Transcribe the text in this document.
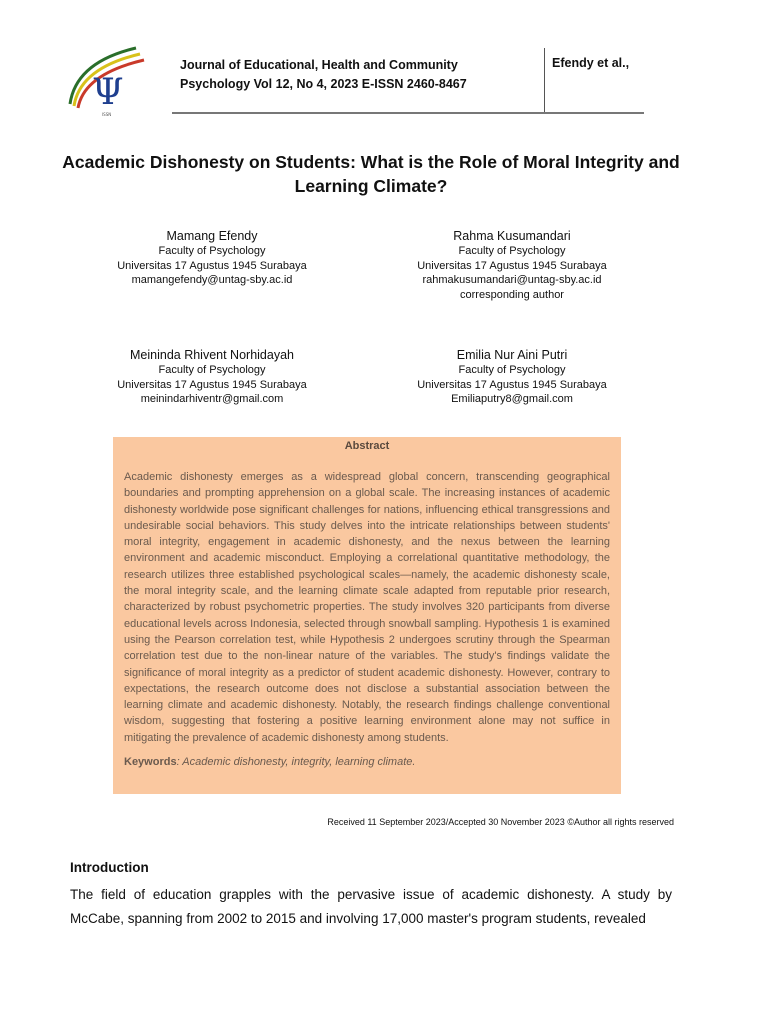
Ψ
ISSN
Journal of Educational, Health and Community
Psychology Vol 12, No 4, 2023 E-ISSN 2460-8467
Efendy et al.,
Academic Dishonesty on Students: What is the Role of Moral Integrity and Learning Climate?
Mamang Efendy
Faculty of Psychology
Universitas 17 Agustus 1945 Surabaya
mamangefendy@untag-sby.ac.id
Rahma Kusumandari
Faculty of Psychology
Universitas 17 Agustus 1945 Surabaya
rahmakusumandari@untag-sby.ac.id
corresponding author
Meininda Rhivent Norhidayah
Faculty of Psychology
Universitas 17 Agustus 1945 Surabaya
meinindarhiventr@gmail.com
Emilia Nur Aini Putri
Faculty of Psychology
Universitas 17 Agustus 1945 Surabaya
Emiliaputry8@gmail.com
Abstract
Academic dishonesty emerges as a widespread global concern, transcending geographical boundaries and prompting apprehension on a global scale. The increasing instances of academic dishonesty worldwide pose significant challenges for nations, influencing ethical transgressions and undesirable social behaviors. This study delves into the intricate relationships between students' moral integrity, engagement in academic dishonesty, and the nexus between the learning environment and academic misconduct. Employing a correlational quantitative methodology, the research utilizes three established psychological scales—namely, the academic dishonesty scale, the moral integrity scale, and the learning climate scale adapted from reputable prior research, characterized by robust psychometric properties. The study involves 320 participants from diverse educational levels across Indonesia, selected through snowball sampling. Hypothesis 1 is examined using the Pearson correlation test, while Hypothesis 2 undergoes scrutiny through the Spearman correlation test due to the non-linear nature of the variables. The study's findings validate the significance of moral integrity as a predictor of student academic dishonesty. However, contrary to expectations, the research outcome does not disclose a substantial association between the learning climate and academic dishonesty. Notably, the research findings challenge conventional wisdom, suggesting that fostering a positive learning environment alone may not suffice in mitigating the prevalence of academic dishonesty among students.
Keywords: Academic dishonesty, integrity, learning climate.
Received 11 September 2023/Accepted 30 November 2023 ©Author all rights reserved
Introduction
The field of education grapples with the pervasive issue of academic dishonesty. A study by McCabe, spanning from 2002 to 2015 and involving 17,000 master's program students, revealed
